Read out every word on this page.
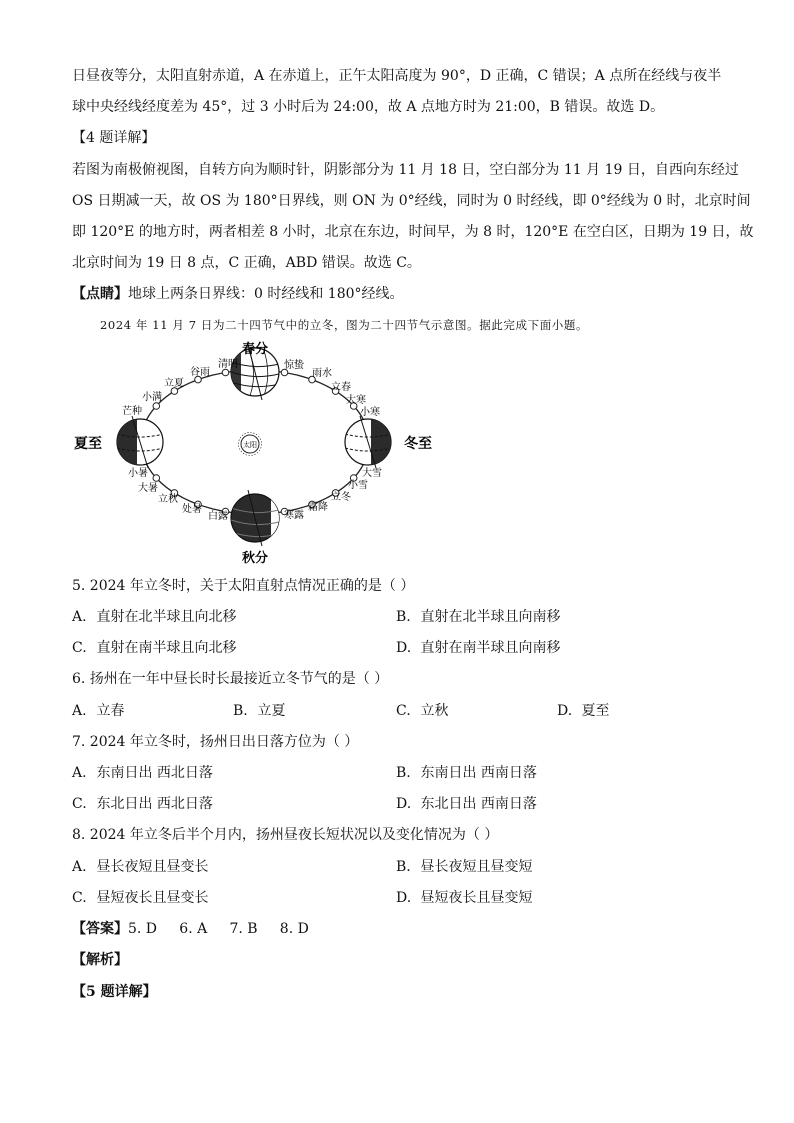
日昼夜等分，太阳直射赤道，A 在赤道上，正午太阳高度为 90°，D 正确，C 错误；A 点所在经线与夜半
球中央经线经度差为 45°，过 3 小时后为 24:00，故 A 点地方时为 21:00，B 错误。故选 D。
【4 题详解】
若图为南极俯视图，自转方向为顺时针，阴影部分为 11 月 18 日，空白部分为 11 月 19 日，自西向东经过
OS 日期减一天，故 OS 为 180°日界线，则 ON 为 0°经线，同时为 0 时经线，即 0°经线为 0 时，北京时间
即 120°E 的地方时，两者相差 8 小时，北京在东边，时间早，为 8 时，120°E 在空白区，日期为 19 日，故
北京时间为 19 日 8 点，C 正确，ABD 错误。故选 C。
【点睛】地球上两条日界线：0 时经线和 180°经线。
2024 年 11 月 7 日为二十四节气中的立冬，图为二十四节气示意图。据此完成下面小题。
太阳
春分
秋分
夏至	冬至
清明
谷雨
立夏
小满
芒种
惊蛰
雨水
立春
大寒
小寒
小暑
大暑
立秋
处暑
白露	寒露
霜降
立冬
小雪
大雪
5. 2024 年立冬时，关于太阳直射点情况正确的是（ ）
A. 直射在北半球且向北移	B. 直射在北半球且向南移
C. 直射在南半球且向北移	D. 直射在南半球且向南移
6. 扬州在一年中昼长时长最接近立冬节气的是（ ）
A. 立春	B. 立夏	C. 立秋	D. 夏至
7. 2024 年立冬时，扬州日出日落方位为（ ）
A. 东南日出 西北日落	B. 东南日出 西南日落
C. 东北日出 西北日落	D. 东北日出 西南日落
8. 2024 年立冬后半个月内，扬州昼夜长短状况以及变化情况为（ ）
A. 昼长夜短且昼变长	B. 昼长夜短且昼变短
C. 昼短夜长且昼变长	D. 昼短夜长且昼变短
【答案】5. D     6. A     7. B     8. D
【解析】
【5 题详解】
